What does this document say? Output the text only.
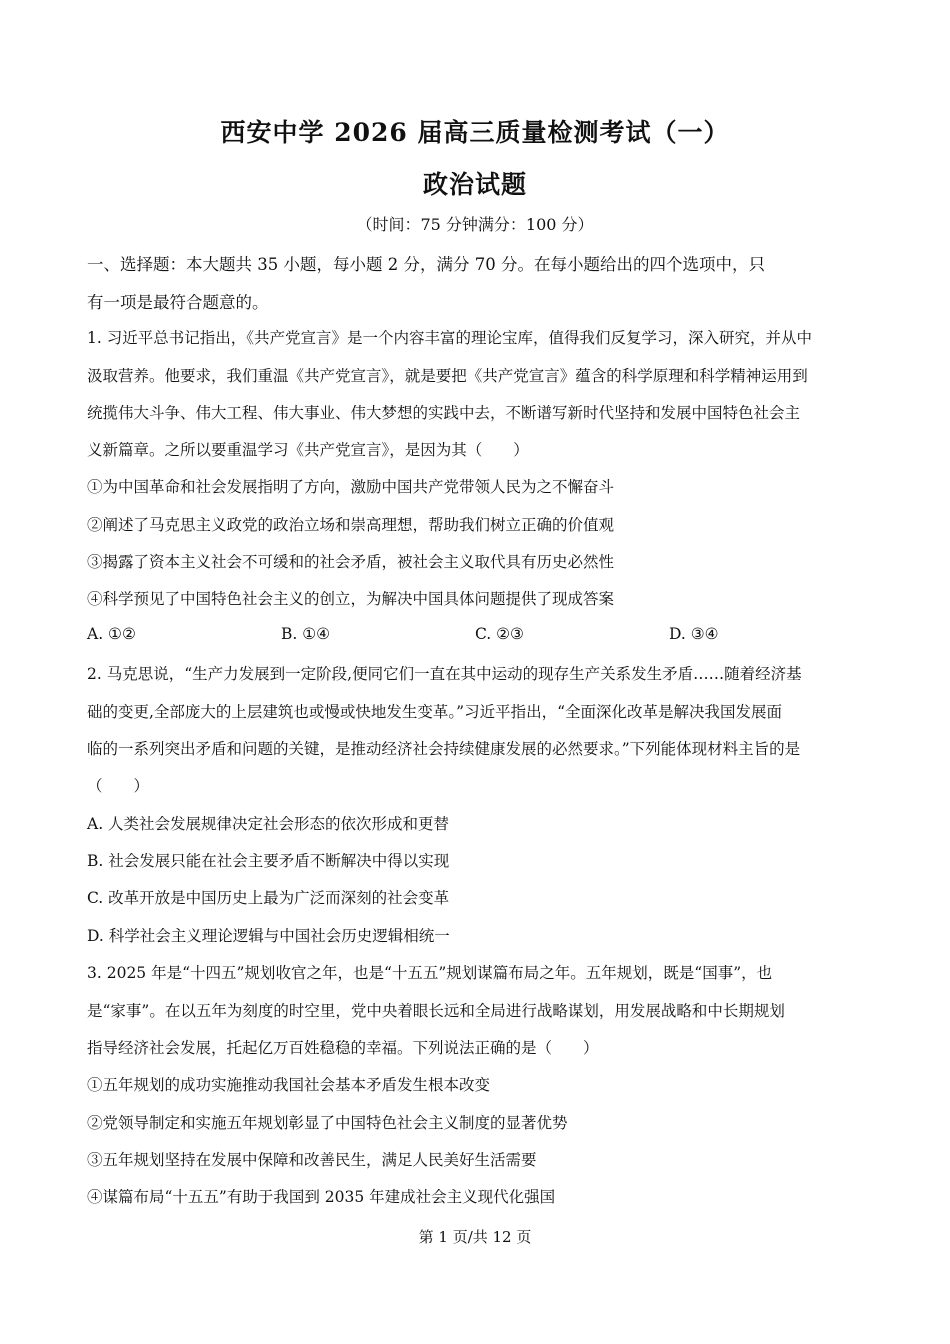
西安中学 2026 届高三质量检测考试（一）
政治试题
（时间：75 分钟满分：100 分）
一、选择题：本大题共 35 小题，每小题 2 分，满分 70 分。在每小题给出的四个选项中，只
有一项是最符合题意的。
1. 习近平总书记指出，《共产党宣言》是一个内容丰富的理论宝库，值得我们反复学习，深入研究，并从中
汲取营养。他要求，我们重温《共产党宣言》，就是要把《共产党宣言》蕴含的科学原理和科学精神运用到
统揽伟大斗争、伟大工程、伟大事业、伟大梦想的实践中去，不断谱写新时代坚持和发展中国特色社会主
义新篇章。之所以要重温学习《共产党宣言》，是因为其（　　）
①为中国革命和社会发展指明了方向，激励中国共产党带领人民为之不懈奋斗
②阐述了马克思主义政党的政治立场和崇高理想，帮助我们树立正确的价值观
③揭露了资本主义社会不可缓和的社会矛盾，被社会主义取代具有历史必然性
④科学预见了中国特色社会主义的创立，为解决中国具体问题提供了现成答案
A. ①②	B. ①④	C. ②③	D. ③④
2. 马克思说，“生产力发展到一定阶段,便同它们一直在其中运动的现存生产关系发生矛盾……随着经济基
础的变更,全部庞大的上层建筑也或慢或快地发生变革。”习近平指出，“全面深化改革是解决我国发展面
临的一系列突出矛盾和问题的关键，是推动经济社会持续健康发展的必然要求。”下列能体现材料主旨的是
（　　）
A. 人类社会发展规律决定社会形态的依次形成和更替
B. 社会发展只能在社会主要矛盾不断解决中得以实现
C. 改革开放是中国历史上最为广泛而深刻的社会变革
D. 科学社会主义理论逻辑与中国社会历史逻辑相统一
3. 2025 年是“十四五”规划收官之年，也是“十五五”规划谋篇布局之年。五年规划，既是“国事”，也
是“家事”。在以五年为刻度的时空里，党中央着眼长远和全局进行战略谋划，用发展战略和中长期规划
指导经济社会发展，托起亿万百姓稳稳的幸福。下列说法正确的是（　　）
①五年规划的成功实施推动我国社会基本矛盾发生根本改变
②党领导制定和实施五年规划彰显了中国特色社会主义制度的显著优势
③五年规划坚持在发展中保障和改善民生，满足人民美好生活需要
④谋篇布局“十五五”有助于我国到 2035 年建成社会主义现代化强国
第 1 页/共 12 页
